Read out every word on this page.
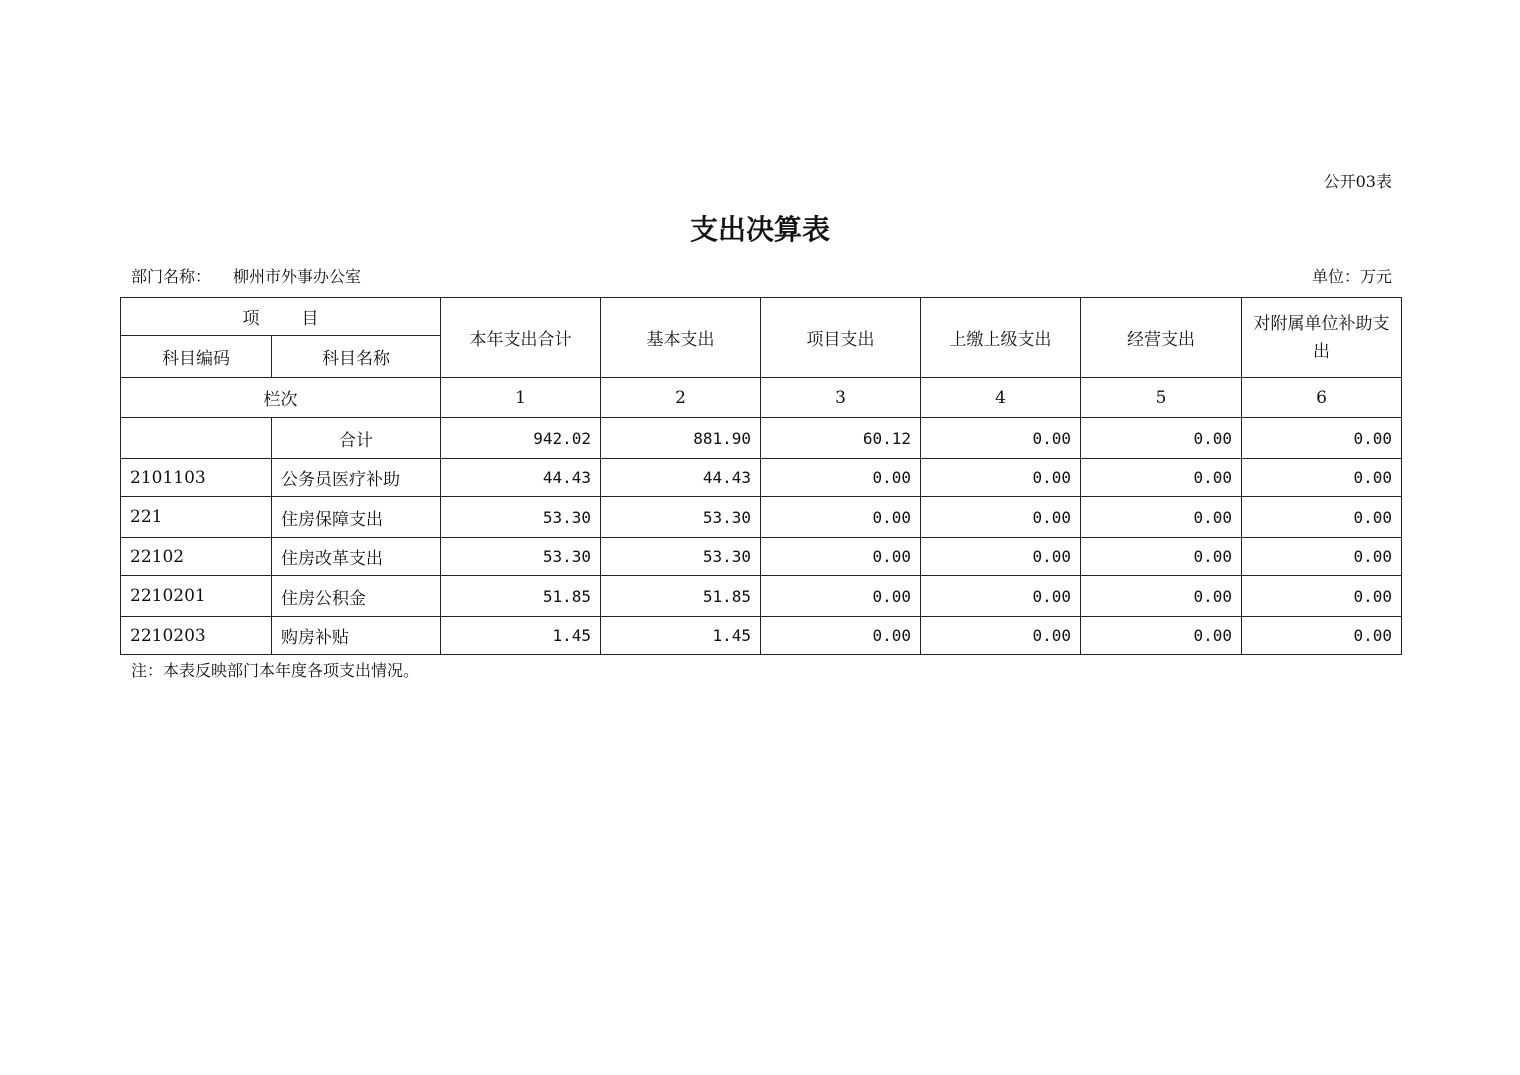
公开03表
支出决算表
部门名称： 柳州市外事办公室	单位：万元
项 目		本年支出合计	基本支出	项目支出	上缴上级支出	经营支出	对附属单位补助支出
科目编码	科目名称						
栏次		1	2	3	4	5	6
	合计	942.02	881.90	60.12	0.00	0.00	0.00
2101103	公务员医疗补助	44.43	44.43	0.00	0.00	0.00	0.00
221	住房保障支出	53.30	53.30	0.00	0.00	0.00	0.00
22102	住房改革支出	53.30	53.30	0.00	0.00	0.00	0.00
2210201	住房公积金	51.85	51.85	0.00	0.00	0.00	0.00
2210203	购房补贴	1.45	1.45	0.00	0.00	0.00	0.00
注：本表反映部门本年度各项支出情况。
